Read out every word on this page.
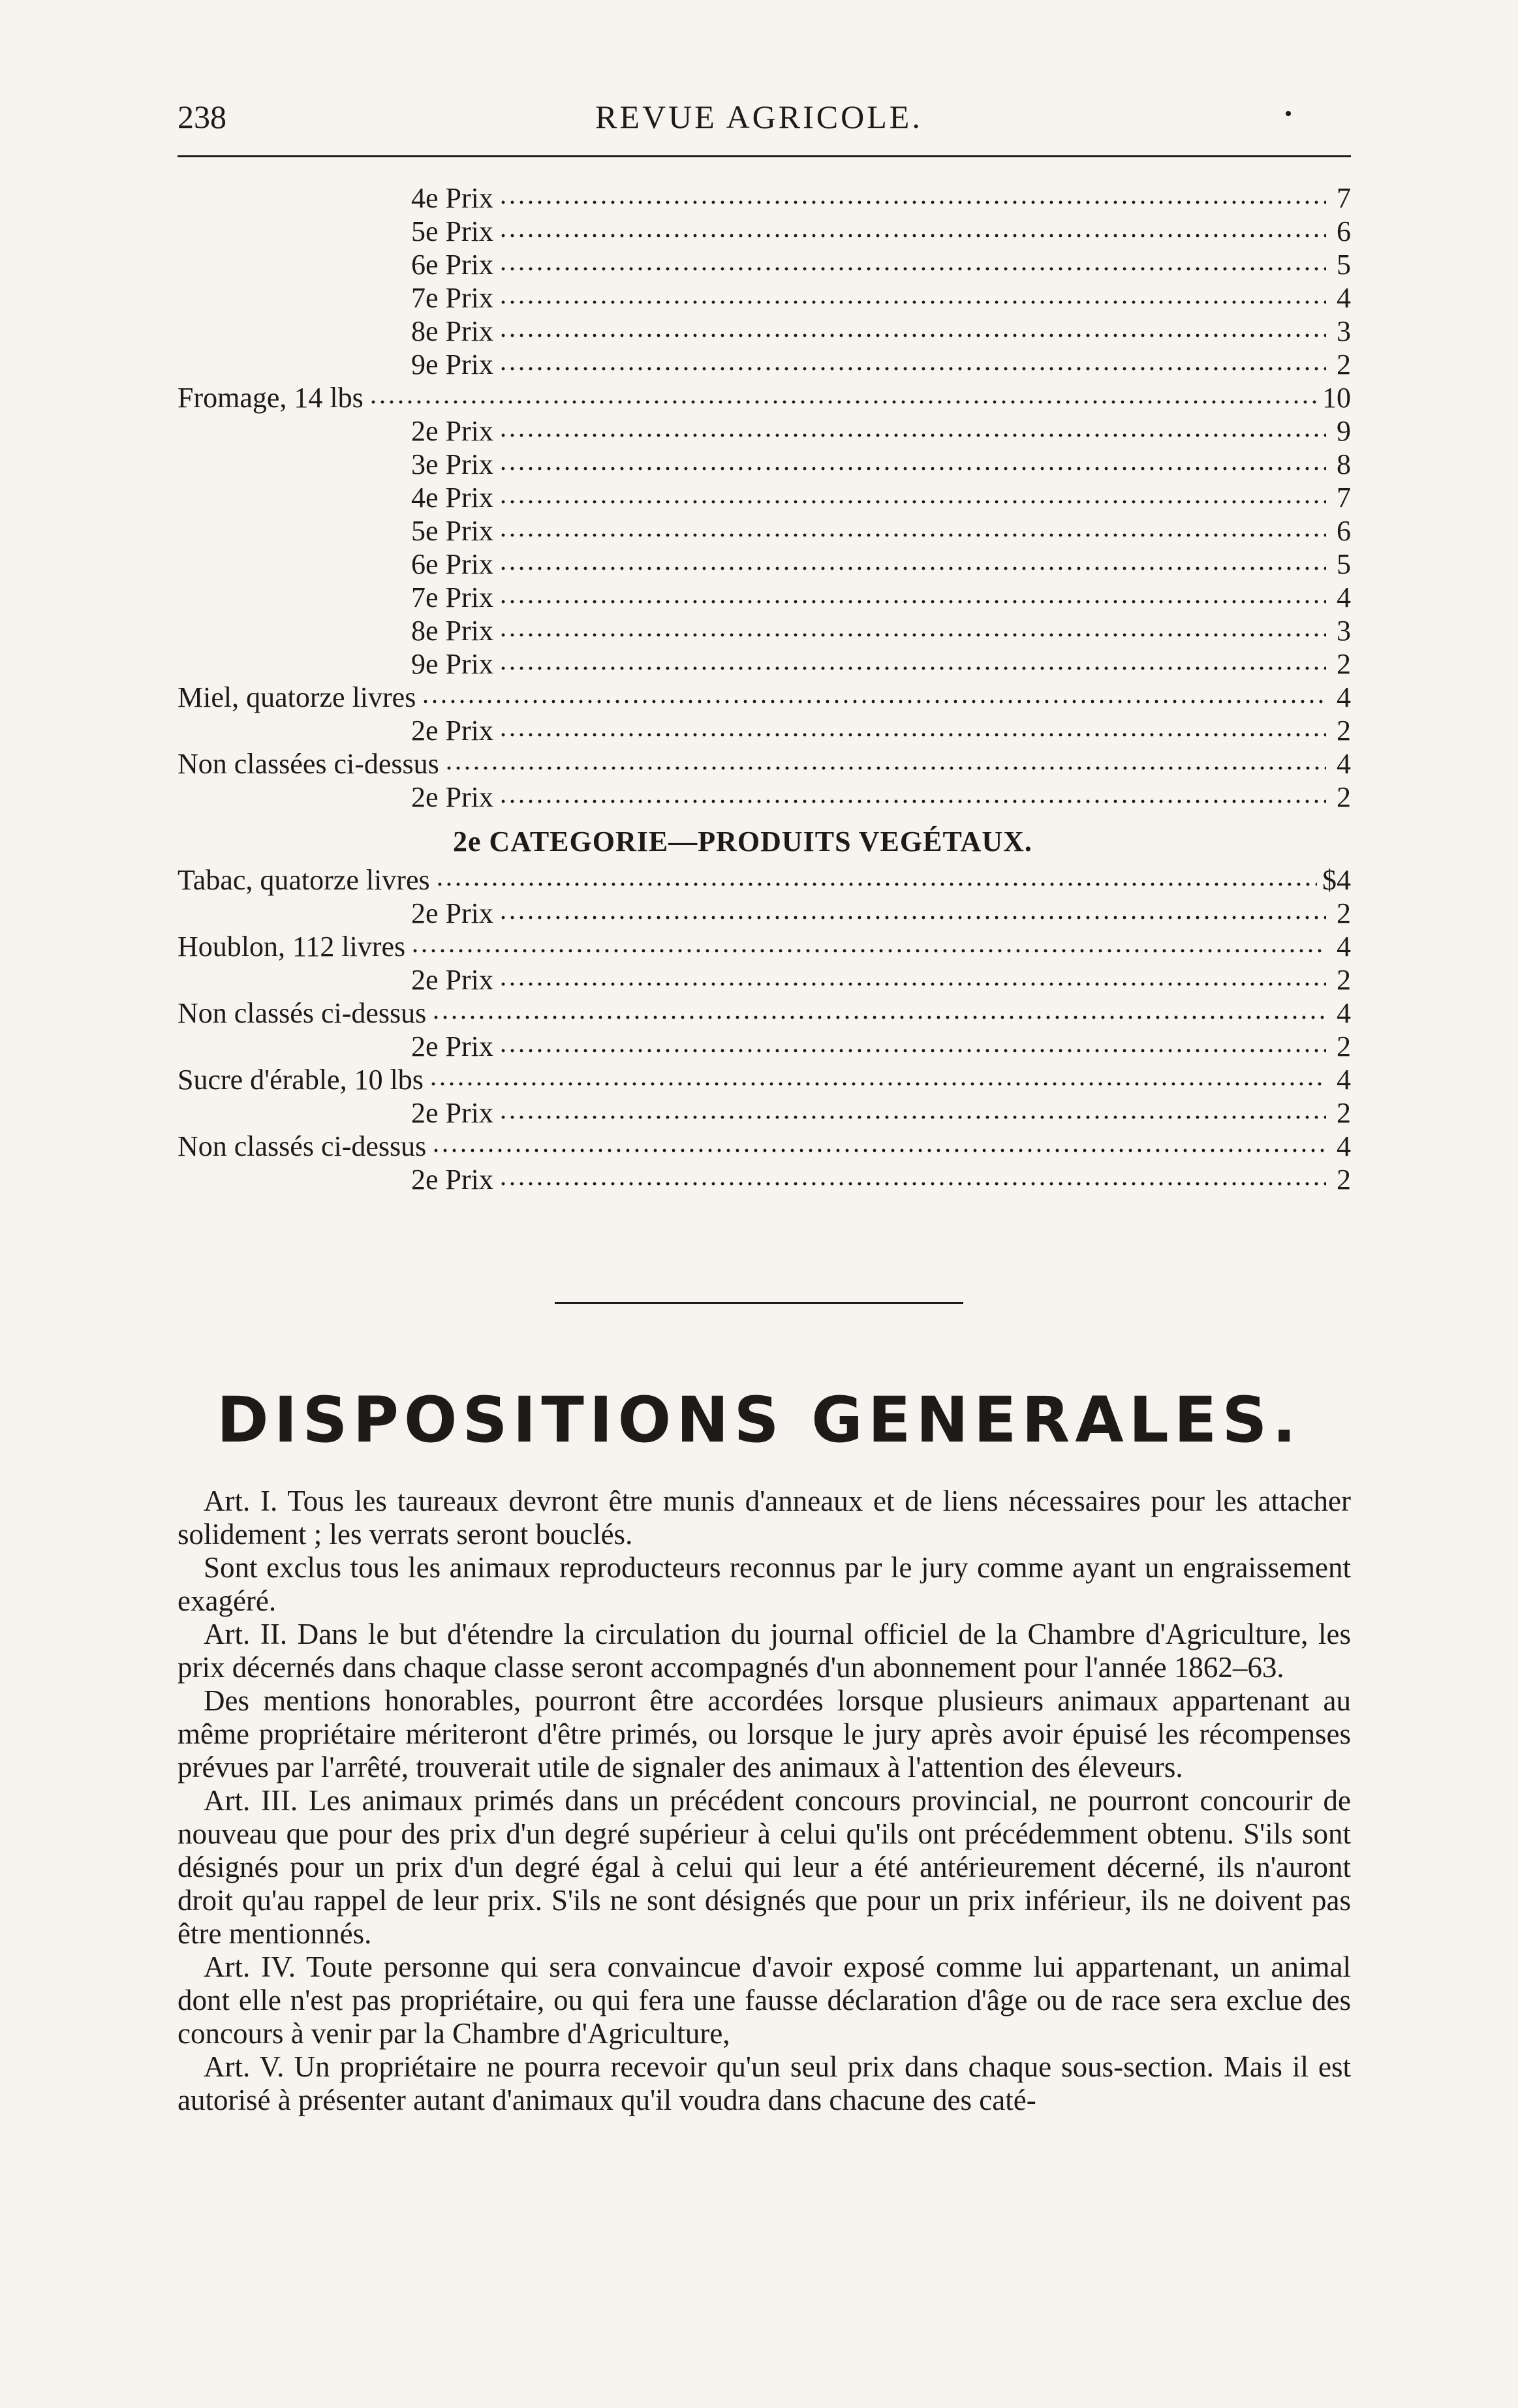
238	REVUE AGRICOLE.
4e Prix	7
5e Prix	6
6e Prix	5
7e Prix	4
8e Prix	3
9e Prix	2
Fromage, 14 lbs	10
2e Prix	9
3e Prix	8
4e Prix	7
5e Prix	6
6e Prix	5
7e Prix	4
8e Prix	3
9e Prix	2
Miel, quatorze livres	4
2e Prix	2
Non classées ci-dessus	4
2e Prix	2
2e CATEGORIE—PRODUITS VEGÉTAUX.
Tabac, quatorze livres	$4
2e Prix	2
Houblon, 112 livres	4
2e Prix	2
Non classés ci-dessus	4
2e Prix	2
Sucre d'érable, 10 lbs	4
2e Prix	2
Non classés ci-dessus	4
2e Prix	2
DISPOSITIONS GENERALES.

Art. I. Tous les taureaux devront être munis d'anneaux et de liens nécessaires pour les attacher solidement ; les verrats seront bouclés.

Sont exclus tous les animaux reproducteurs reconnus par le jury comme ayant un engraissement exagéré.

Art. II. Dans le but d'étendre la circulation du journal officiel de la Chambre d'Agriculture, les prix décernés dans chaque classe seront accompagnés d'un abonnement pour l'année 1862–63.

Des mentions honorables, pourront être accordées lorsque plusieurs animaux appartenant au même propriétaire mériteront d'être primés, ou lorsque le jury après avoir épuisé les récompenses prévues par l'arrêté, trouverait utile de signaler des animaux à l'attention des éleveurs.

Art. III. Les animaux primés dans un précédent concours provincial, ne pourront concourir de nouveau que pour des prix d'un degré supérieur à celui qu'ils ont précédemment obtenu. S'ils sont désignés pour un prix d'un degré égal à celui qui leur a été antérieurement décerné, ils n'auront droit qu'au rappel de leur prix. S'ils ne sont désignés que pour un prix inférieur, ils ne doivent pas être mentionnés.

Art. IV. Toute personne qui sera convaincue d'avoir exposé comme lui appartenant, un animal dont elle n'est pas propriétaire, ou qui fera une fausse déclaration d'âge ou de race sera exclue des concours à venir par la Chambre d'Agriculture,

Art. V. Un propriétaire ne pourra recevoir qu'un seul prix dans chaque sous-section. Mais il est autorisé à présenter autant d'animaux qu'il voudra dans chacune des caté-
